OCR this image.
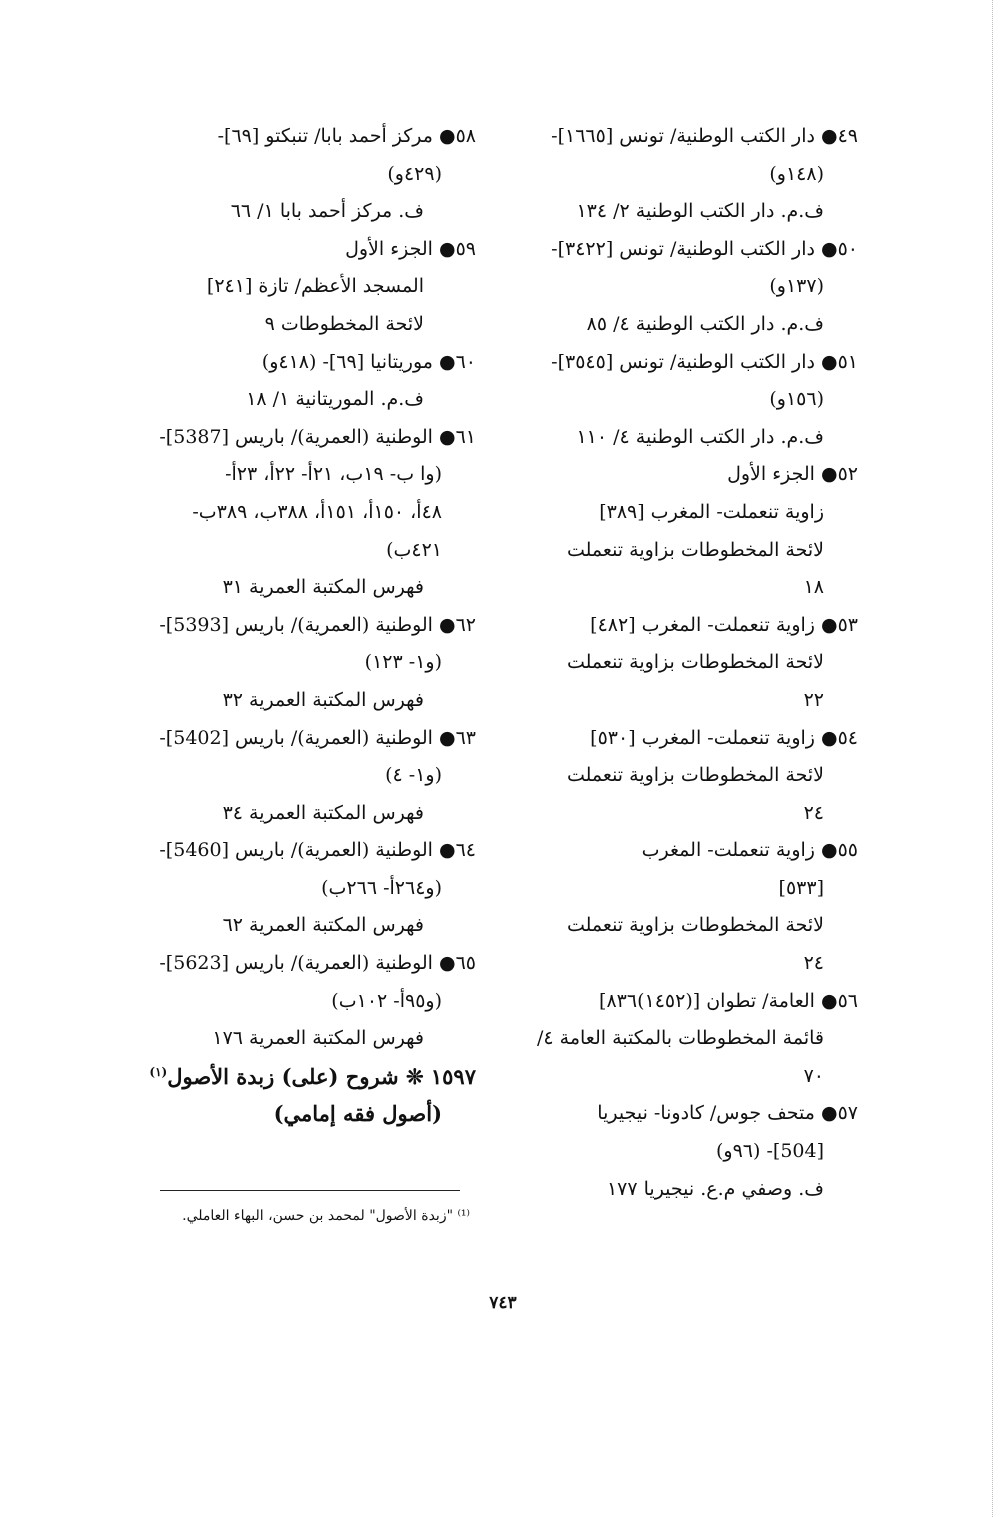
٤٩● دار الكتب الوطنية/ تونس [١٦٦٥]-
(١٤٨و)
ف.م. دار الكتب الوطنية ٢/ ١٣٤
٥٠● دار الكتب الوطنية/ تونس [٣٤٢٢]-
(١٣٧و)
ف.م. دار الكتب الوطنية ٤/ ٨٥
٥١● دار الكتب الوطنية/ تونس [٣٥٤٥]-
(١٥٦و)
ف.م. دار الكتب الوطنية ٤/ ١١٠
٥٢● الجزء الأول
زاوية تنعملت- المغرب [٣٨٩]
لائحة المخطوطات بزاوية تنعملت
١٨
٥٣● زاوية تنعملت- المغرب [٤٨٢]
لائحة المخطوطات بزاوية تنعملت
٢٢
٥٤● زاوية تنعملت- المغرب [٥٣٠]
لائحة المخطوطات بزاوية تنعملت
٢٤
٥٥● زاوية تنعملت- المغرب
[٥٣٣]
لائحة المخطوطات بزاوية تنعملت
٢٤
٥٦● العامة/ تطوان [(١٤٥٢)٨٣٦]
قائمة المخطوطات بالمكتبة العامة ٤/
٧٠
٥٧● متحف جوس/ كادونا- نيجيريا
[504]- (٩٦و)
ف. وصفي م.ع. نيجيريا ١٧٧
٥٨● مركز أحمد بابا/ تنبكتو [٦٩]-
(٤٢٩و)
ف. مركز أحمد بابا ١/ ٦٦
٥٩● الجزء الأول
المسجد الأعظم/ تازة [٢٤١]
لائحة المخطوطات ٩
٦٠● موريتانيا [٦٩]- (٤١٨و)
ف.م. الموريتانية ١/ ١٨
٦١● الوطنية (العمرية)/ باريس [5387]-
(وا ب- ١٩ب، ٢١أ- ٢٢أ، ٢٣أ-
٤٨أ، ١٥٠أ، ١٥١أ، ٣٨٨ب، ٣٨٩ب-
٤٢١ب)
فهرس المكتبة العمرية ٣١
٦٢● الوطنية (العمرية)/ باريس [5393]-
(و١- ١٢٣)
فهرس المكتبة العمرية ٣٢
٦٣● الوطنية (العمرية)/ باريس [5402]-
(و١- ٤)
فهرس المكتبة العمرية ٣٤
٦٤● الوطنية (العمرية)/ باريس [5460]-
(و٢٦٤أ- ٢٦٦ب)
فهرس المكتبة العمرية ٦٢
٦٥● الوطنية (العمرية)/ باريس [5623]-
(و٩٥أ- ١٠٢ب)
فهرس المكتبة العمرية ١٧٦
١٥٩٧ ❊ شروح (على) زبدة الأصول$^{(١)}$
(أصول فقه إمامي)
⁽¹⁾ "زبدة الأصول" لمحمد بن حسن، البهاء العاملي.
٧٤٣
